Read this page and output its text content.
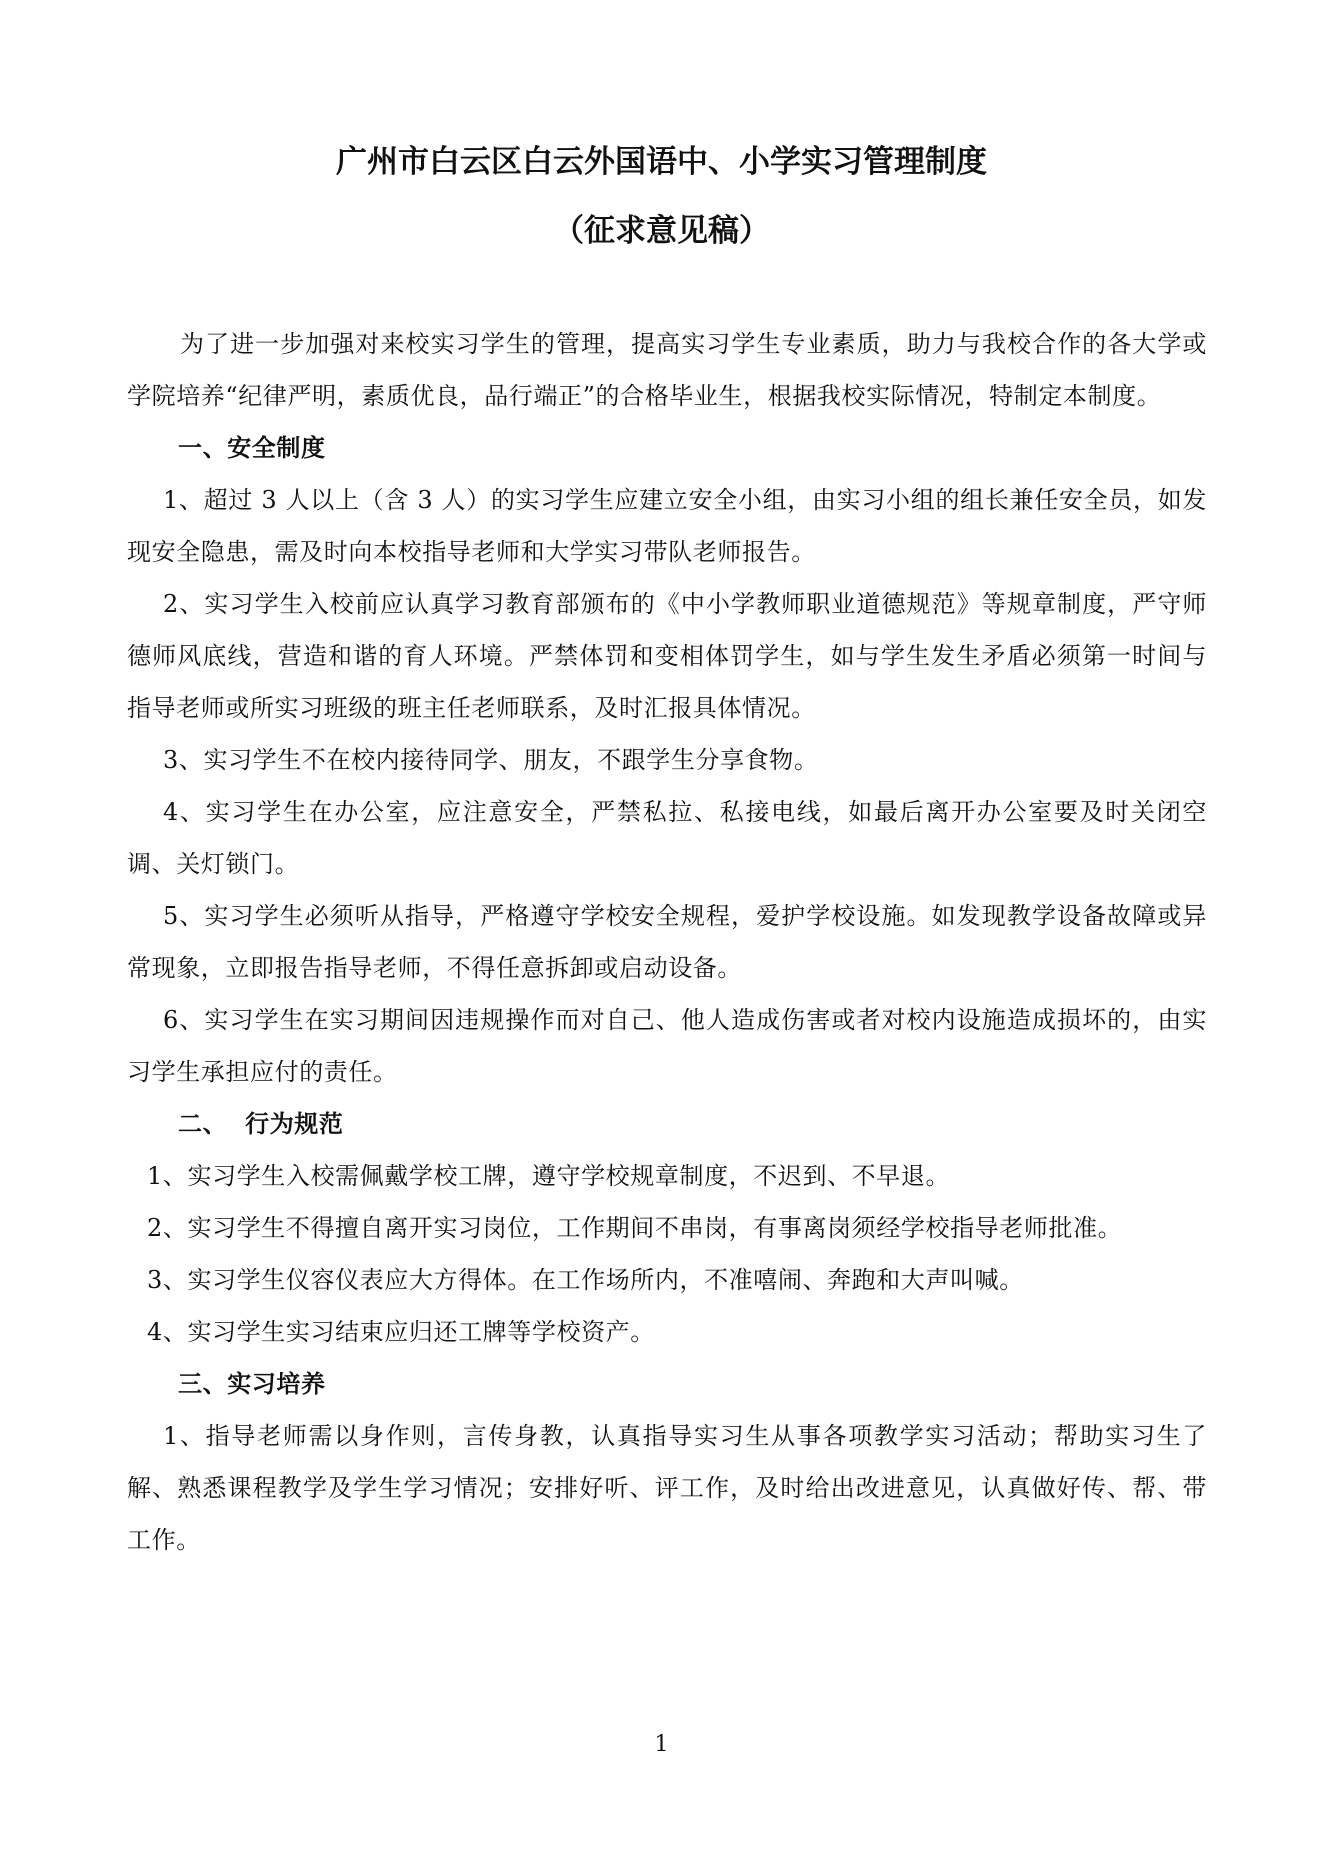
广州市白云区白云外国语中、小学实习管理制度
（征求意见稿）

为了进一步加强对来校实习学生的管理，提高实习学生专业素质，助力与我校合作的各大学或学院培养“纪律严明，素质优良，品行端正”的合格毕业生，根据我校实际情况，特制定本制度。

一、安全制度

1、超过 3 人以上（含 3 人）的实习学生应建立安全小组，由实习小组的组长兼任安全员，如发现安全隐患，需及时向本校指导老师和大学实习带队老师报告。

2、实习学生入校前应认真学习教育部颁布的《中小学教师职业道德规范》等规章制度，严守师德师风底线，营造和谐的育人环境。严禁体罚和变相体罚学生，如与学生发生矛盾必须第一时间与指导老师或所实习班级的班主任老师联系，及时汇报具体情况。

3、实习学生不在校内接待同学、朋友，不跟学生分享食物。

4、实习学生在办公室，应注意安全，严禁私拉、私接电线，如最后离开办公室要及时关闭空调、关灯锁门。

5、实习学生必须听从指导，严格遵守学校安全规程，爱护学校设施。如发现教学设备故障或异常现象，立即报告指导老师，不得任意拆卸或启动设备。

6、实习学生在实习期间因违规操作而对自己、他人造成伤害或者对校内设施造成损坏的，由实习学生承担应付的责任。

二、  行为规范

1、实习学生入校需佩戴学校工牌，遵守学校规章制度，不迟到、不早退。

2、实习学生不得擅自离开实习岗位，工作期间不串岗，有事离岗须经学校指导老师批准。

3、实习学生仪容仪表应大方得体。在工作场所内，不准嘻闹、奔跑和大声叫喊。

4、实习学生实习结束应归还工牌等学校资产。

三、实习培养

1、指导老师需以身作则，言传身教，认真指导实习生从事各项教学实习活动；帮助实习生了解、熟悉课程教学及学生学习情况；安排好听、评工作，及时给出改进意见，认真做好传、帮、带工作。

1
